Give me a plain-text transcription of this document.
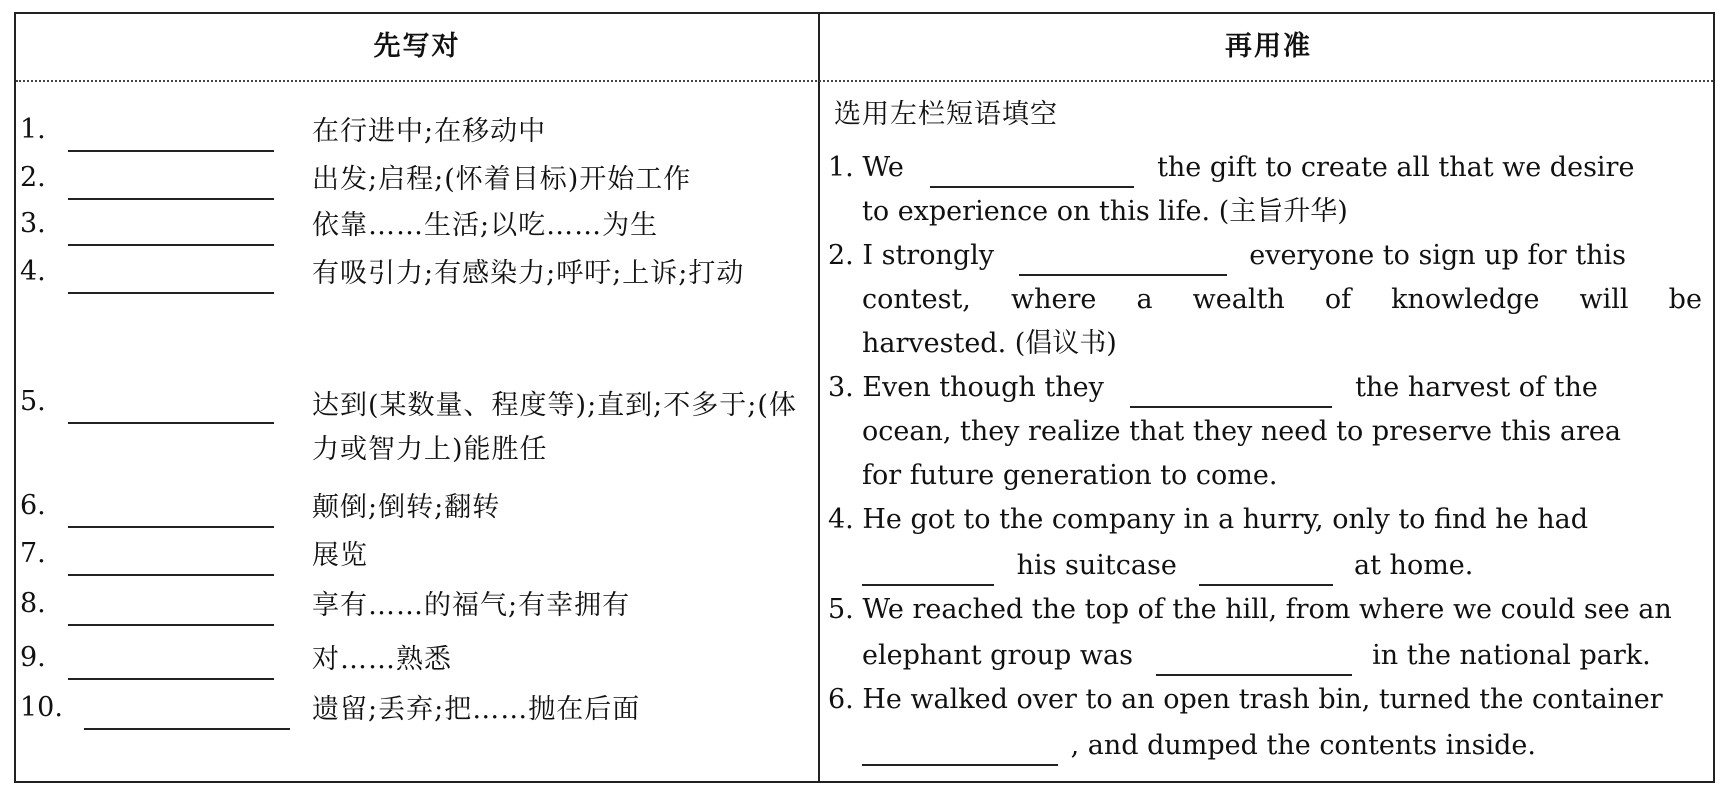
先写对	再用准
1.	在行进中;在移动中
2.	出发;启程;(怀着目标)开始工作
3.	依靠……生活;以吃……为生
4.	有吸引力;有感染力;呼吁;上诉;打动
5.	达到(某数量、程度等);直到;不多于;(体力或智力上)能胜任
6.	颠倒;倒转;翻转
7.	展览
8.	享有……的福气;有幸拥有
9.	对……熟悉
10.	遗留;丢弃;把……抛在后面
选用左栏短语填空
1. We	the gift to create all that we desire
to experience on this life. (主旨升华)
2. I strongly	everyone to sign up for this
contest, where a wealth of knowledge will be
harvested. (倡议书)
3. Even though they	the harvest of the
ocean, they realize that they need to preserve this area
for future generation to come.
4. He got to the company in a hurry, only to find he had
his suitcase	at home.
5. We reached the top of the hill, from where we could see an
elephant group was	in the national park.
6. He walked over to an open trash bin, turned the container
, and dumped the contents inside.
